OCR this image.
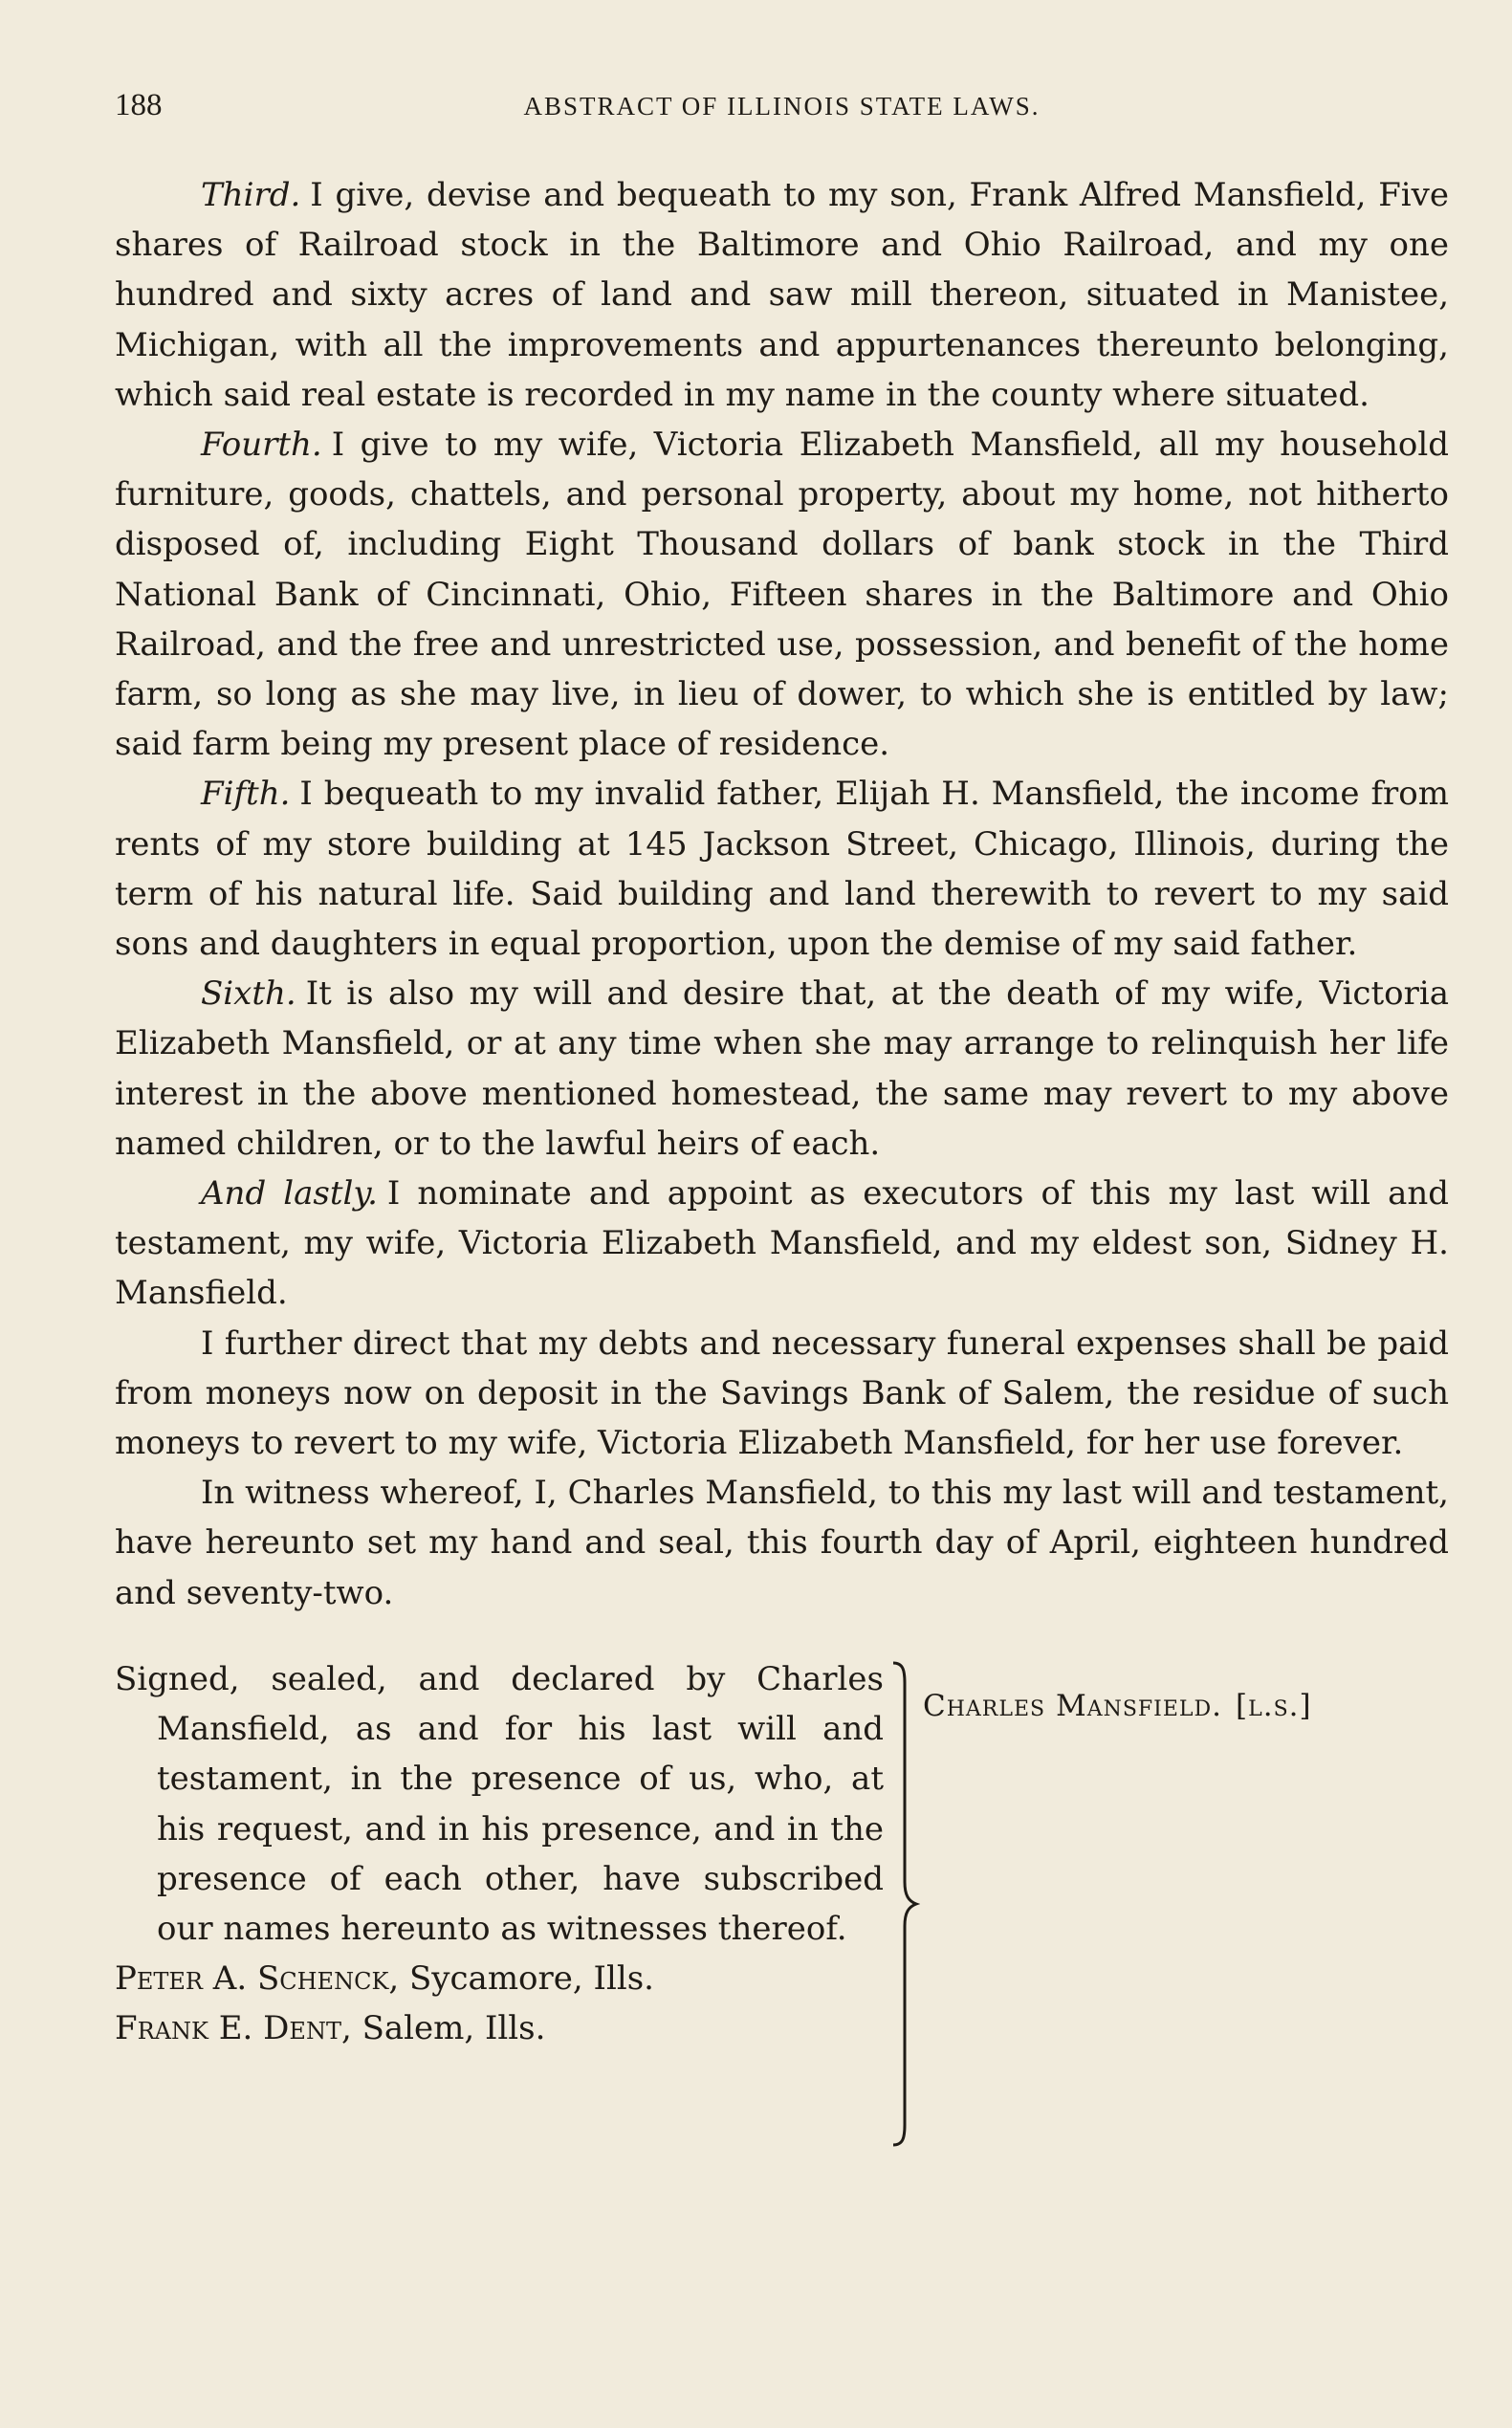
188	ABSTRACT OF ILLINOIS STATE LAWS.

Third. I give, devise and bequeath to my son, Frank Alfred Mansfield, Five shares of Railroad stock in the Baltimore and Ohio Railroad, and my one hundred and sixty acres of land and saw mill thereon, situated in Manistee, Michigan, with all the improvements and appurtenances thereunto belonging, which said real estate is recorded in my name in the county where situated.

Fourth. I give to my wife, Victoria Elizabeth Mansfield, all my household furniture, goods, chattels, and personal property, about my home, not hitherto disposed of, including Eight Thousand dollars of bank stock in the Third National Bank of Cincinnati, Ohio, Fifteen shares in the Baltimore and Ohio Railroad, and the free and unrestricted use, possession, and benefit of the home farm, so long as she may live, in lieu of dower, to which she is entitled by law; said farm being my present place of residence.

Fifth. I bequeath to my invalid father, Elijah H. Mansfield, the income from rents of my store building at 145 Jackson Street, Chicago, Illinois, during the term of his natural life. Said building and land therewith to revert to my said sons and daughters in equal proportion, upon the demise of my said father.

Sixth. It is also my will and desire that, at the death of my wife, Victoria Elizabeth Mansfield, or at any time when she may arrange to relinquish her life interest in the above mentioned homestead, the same may revert to my above named children, or to the lawful heirs of each.

And lastly. I nominate and appoint as executors of this my last will and testament, my wife, Victoria Elizabeth Mansfield, and my eldest son, Sidney H. Mansfield.

I further direct that my debts and necessary funeral expenses shall be paid from moneys now on deposit in the Savings Bank of Salem, the residue of such moneys to revert to my wife, Victoria Elizabeth Mansfield, for her use forever.

In witness whereof, I, Charles Mansfield, to this my last will and testament, have hereunto set my hand and seal, this fourth day of April, eighteen hundred and seventy-two.

Signed, sealed, and declared by Charles Mansfield, as and for his last will and testament, in the presence of us, who, at his request, and in his presence, and in the presence of each other, have subscribed our names hereunto as witnesses thereof.

Peter A. Schenck, Sycamore, Ills.

Frank E. Dent, Salem, Ills.

Charles Mansfield. [l.s.]
